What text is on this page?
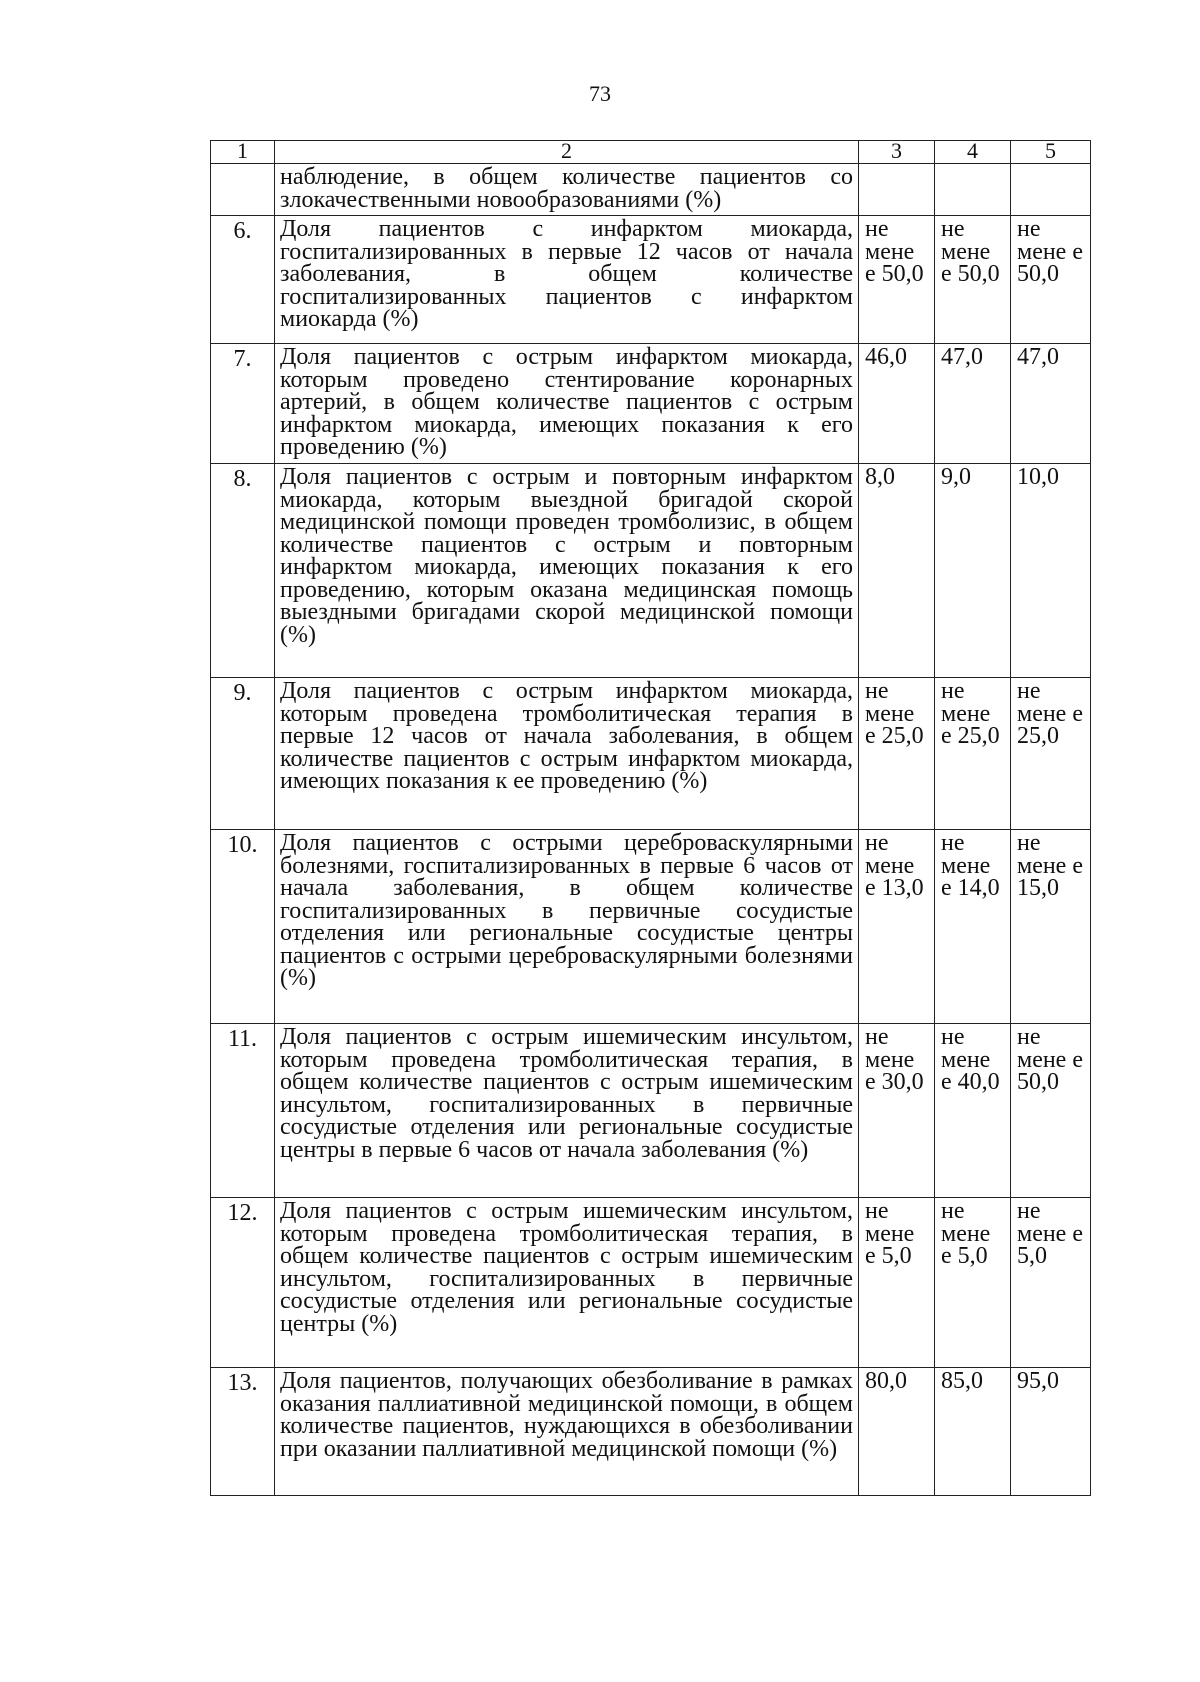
73
1	2	3	4	5
	наблюдение, в общем количестве пациентов со злокачественными новообразованиями (%)			
6.	Доля пациентов с инфарктом миокарда, госпитализированных в первые 12 часов от начала заболевания, в общем количестве госпитализированных пациентов с инфарктом миокарда (%)	не мене е 50,0	не мене е 50,0	не мене е 50,0
7.	Доля пациентов с острым инфарктом миокарда, которым проведено стентирование коронарных артерий, в общем количестве пациентов с острым инфарктом миокарда, имеющих показания к его проведению (%)	46,0	47,0	47,0
8.	Доля пациентов с острым и повторным инфарктом миокарда, которым выездной бригадой скорой медицинской помощи проведен тромболизис, в общем количестве пациентов с острым и повторным инфарктом миокарда, имеющих показания к его проведению, которым оказана медицинская помощь выездными бригадами скорой медицинской помощи (%)	8,0	9,0	10,0
9.	Доля пациентов с острым инфарктом миокарда, которым проведена тромболитическая терапия в первые 12 часов от начала заболевания, в общем количестве пациентов с острым инфарктом миокарда, имеющих показания к ее проведению (%)	не мене е 25,0	не мене е 25,0	не мене е 25,0
10.	Доля пациентов с острыми цереброваскулярными болезнями, госпитализированных в первые 6 часов от начала заболевания, в общем количестве госпитализированных в первичные сосудистые отделения или региональные сосудистые центры пациентов с острыми цереброваскулярными болезнями (%)	не мене е 13,0	не мене е 14,0	не мене е 15,0
11.	Доля пациентов с острым ишемическим инсультом, которым проведена тромболитическая терапия, в общем количестве пациентов с острым ишемическим инсультом, госпитализированных в первичные сосудистые отделения или региональные сосудистые центры в первые 6 часов от начала заболевания (%)	не мене е 30,0	не мене е 40,0	не мене е 50,0
12.	Доля пациентов с острым ишемическим инсультом, которым проведена тромболитическая терапия, в общем количестве пациентов с острым ишемическим инсультом, госпитализированных в первичные сосудистые отделения или региональные сосудистые центры (%)	не мене е 5,0	не мене е 5,0	не мене е 5,0
13.	Доля пациентов, получающих обезболивание в рамках оказания паллиативной медицинской помощи, в общем количестве пациентов, нуждающихся в обезболивании при оказании паллиативной медицинской помощи (%)	80,0	85,0	95,0
